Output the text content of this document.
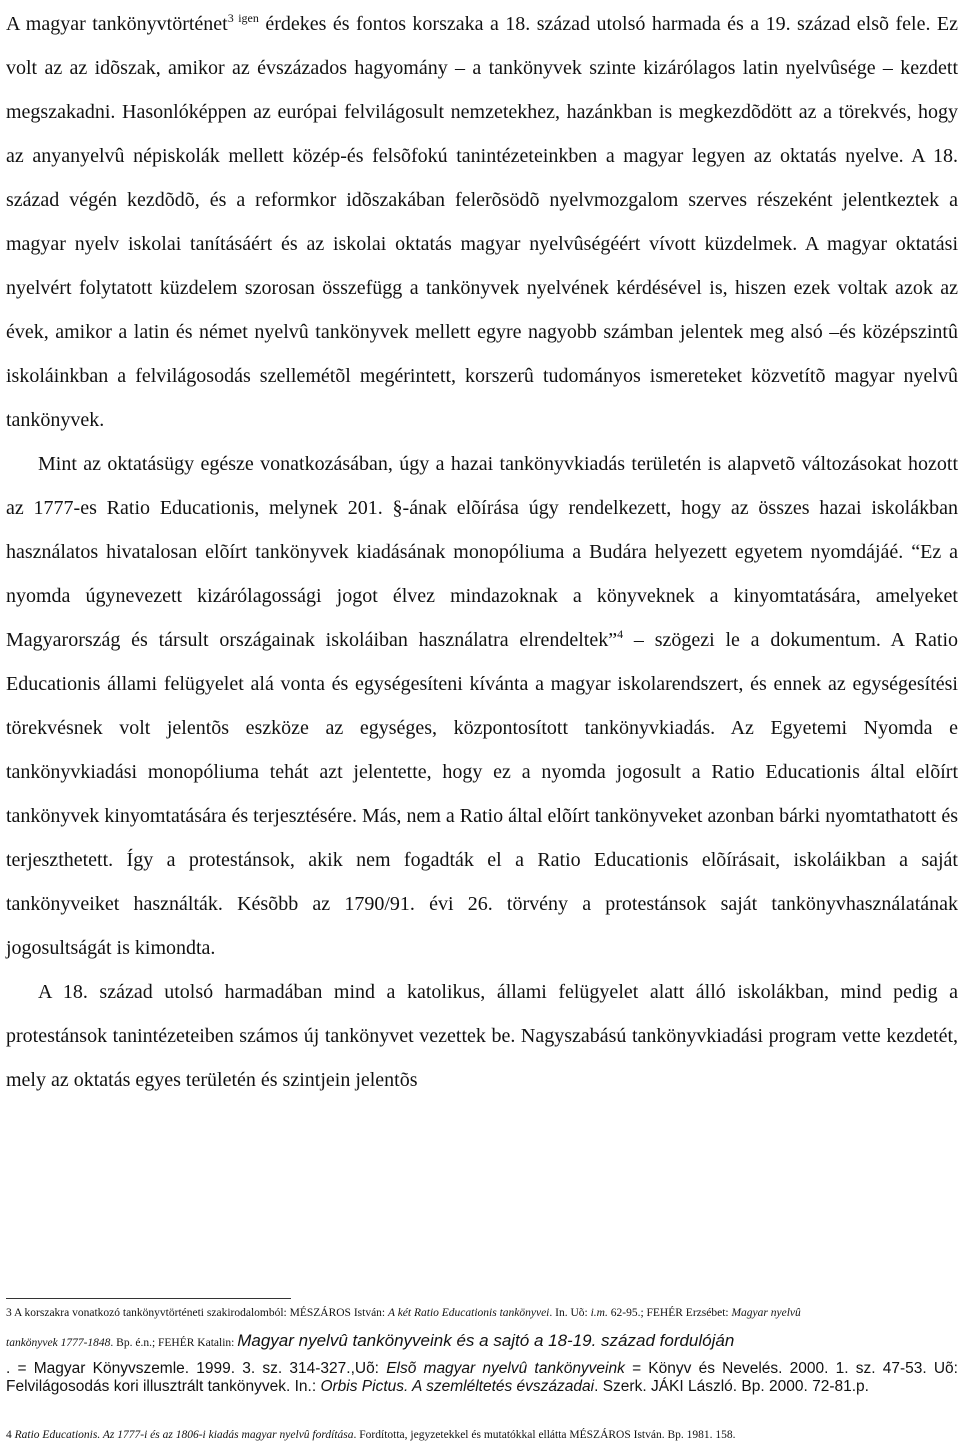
A magyar tankönyvtörténet$^{3 igen}$ érdekes és fontos korszaka a 18. század utolsó harmada és a 19. század elsõ fele. Ez volt az az idõszak, amikor az évszázados hagyomány – a tankönyvek szinte kizárólagos latin nyelvûsége – kezdett megszakadni. Hasonlóképpen az európai felvilágosult nemzetekhez, hazánkban is megkezdõdött az a törekvés, hogy az anyanyelvû népiskolák mellett közép-és felsõfokú tanintézeteinkben a magyar legyen az oktatás nyelve. A 18. század végén kezdõdõ, és a reformkor idõszakában felerõsödõ nyelvmozgalom szerves részeként jelentkeztek a magyar nyelv iskolai tanításáért és az iskolai oktatás magyar nyelvûségéért vívott küzdelmek. A magyar oktatási nyelvért folytatott küzdelem szorosan összefügg a tankönyvek nyelvének kérdésével is, hiszen ezek voltak azok az évek, amikor a latin és német nyelvû tankönyvek mellett egyre nagyobb számban jelentek meg alsó –és középszintû iskoláinkban a felvilágosodás szellemétõl megérintett, korszerû tudományos ismereteket közvetítõ magyar nyelvû tankönyvek.

Mint az oktatásügy egésze vonatkozásában, úgy a hazai tankönyvkiadás területén is alapvetõ változásokat hozott az 1777-es Ratio Educationis, melynek 201. §-ának elõírása úgy rendelkezett, hogy az összes hazai iskolákban használatos hivatalosan elõírt tankönyvek kiadásának monopóliuma a Budára helyezett egyetem nyomdájáé. “Ez a nyomda úgynevezett kizárólagossági jogot élvez mindazoknak a könyveknek a kinyomtatására, amelyeket Magyarország és társult országainak iskoláiban használatra elrendeltek”$^4$ – szögezi le a dokumentum. A Ratio Educationis állami felügyelet alá vonta és egységesíteni kívánta a magyar iskolarendszert, és ennek az egységesítési törekvésnek volt jelentõs eszköze az egységes, központosított tankönyvkiadás. Az Egyetemi Nyomda e tankönyvkiadási monopóliuma tehát azt jelentette, hogy ez a nyomda jogosult a Ratio Educationis által elõírt tankönyvek kinyomtatására és terjesztésére. Más, nem a Ratio által elõírt tankönyveket azonban bárki nyomtathatott és terjeszthetett. Így a protestánsok, akik nem fogadták el a Ratio Educationis elõírásait, iskoláikban a saját tankönyveiket használták. Késõbb az 1790/91. évi 26. törvény a protestánsok saját tankönyvhasználatának jogosultságát is kimondta.

A 18. század utolsó harmadában mind a katolikus, állami felügyelet alatt álló iskolákban, mind pedig a protestánsok tanintézeteiben számos új tankönyvet vezettek be. Nagyszabású tankönyvkiadási program vette kezdetét, mely az oktatás egyes területén és szintjein jelentõs

3 A korszakra vonatkozó tankönyvtörténeti szakirodalomból: MÉSZÁROS István: A két Ratio Educationis tankönyvei. In. Uõ: i.m. 62-95.; FEHÉR Erzsébet: Magyar nyelvû
tankönyvek 1777-1848. Bp. é.n.; FEHÉR Katalin: Magyar nyelvû tankönyveink és a sajtó a 18-19. század fordulóján
. = Magyar Könyvszemle. 1999. 3. sz. 314-327.,Uõ: Elsõ magyar nyelvû tankönyveink = Könyv és Nevelés. 2000. 1. sz. 47-53. Uõ: Felvilágosodás kori illusztrált tankönyvek. In.: Orbis Pictus. A szemléltetés évszázadai. Szerk. JÁKI László. Bp. 2000. 72-81.p.
4 Ratio Educationis. Az 1777-i és az 1806-i kiadás magyar nyelvû fordítása. Fordította, jegyzetekkel és mutatókkal ellátta MÉSZÁROS István. Bp. 1981. 158.
